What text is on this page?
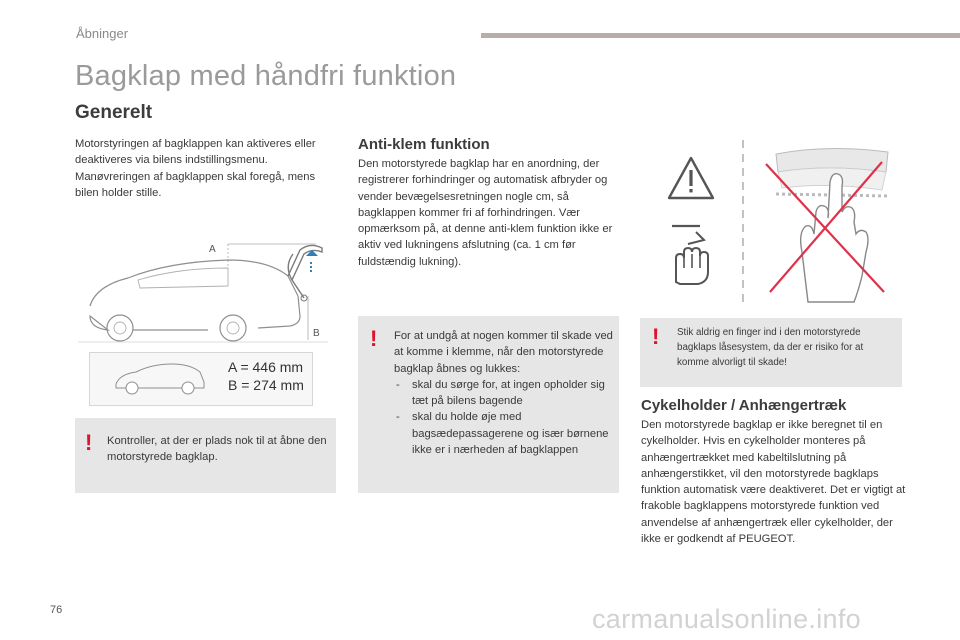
Åbninger
Bagklap med håndfri funktion
Generelt
Motorstyringen af bagklappen kan aktiveres eller deaktiveres via bilens indstillingsmenu. Manøvreringen af bagklappen skal foregå, mens bilen holder stille.
A
B
A = 446 mm
B = 274 mm
! Kontroller, at der er plads nok til at åbne den motorstyrede bagklap.
Anti-klem funktion
Den motorstyrede bagklap har en anordning, der registrerer forhindringer og automatisk afbryder og vender bevægelsesretningen nogle cm, så bagklappen kommer fri af forhindringen. Vær opmærksom på, at denne anti-klem funktion ikke er aktiv ved lukningens afslutning (ca. 1 cm før fuldstændig lukning).
! For at undgå at nogen kommer til skade ved at komme i klemme, når den motorstyrede bagklap åbnes og lukkes:
- skal du sørge for, at ingen opholder sig tæt på bilens bagende
- skal du holde øje med bagsædepassagerene og især børnene ikke er i nærheden af bagklappen
! Stik aldrig en finger ind i den motorstyrede bagklaps låsesystem, da der er risiko for at komme alvorligt til skade!
Cykelholder / Anhængertræk
Den motorstyrede bagklap er ikke beregnet til en cykelholder. Hvis en cykelholder monteres på anhængertrækket med kabeltilslutning på anhængerstikket, vil den motorstyrede bagklaps funktion automatisk være deaktiveret. Det er vigtigt at frakoble bagklappens motorstyrede funktion ved anvendelse af anhængertræk eller cykelholder, der ikke er godkendt af PEUGEOT.
76	carmanualsonline.info
